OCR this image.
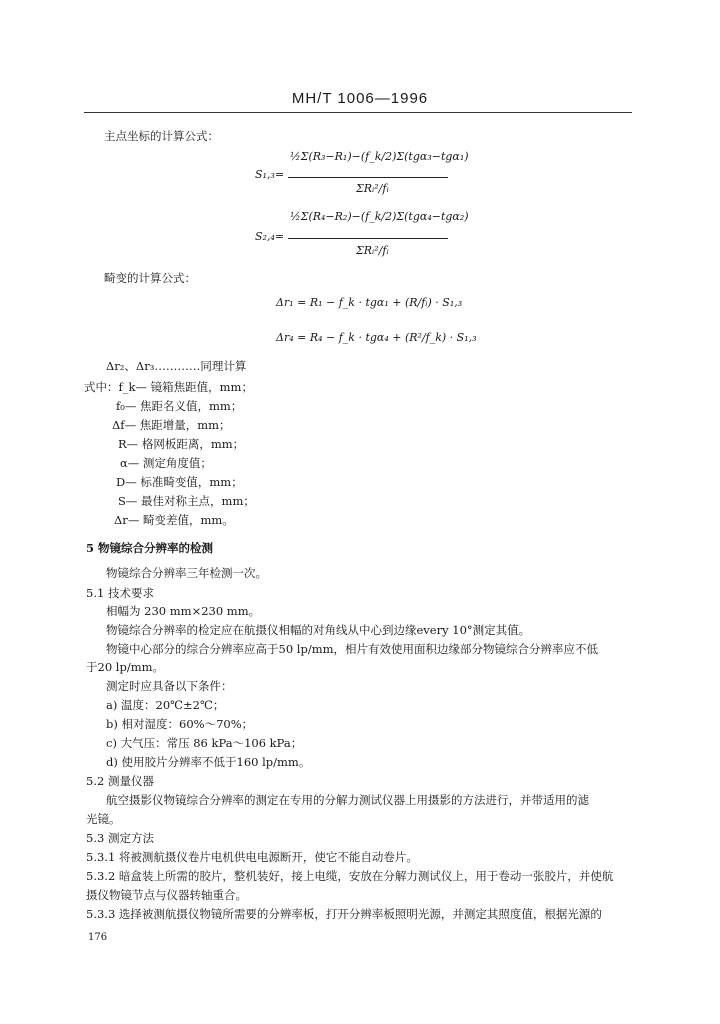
MH/T 1006—1996
主点坐标的计算公式：
S₁,₃=
½Σ(R₃−R₁)−(f_k/2)Σ(tgα₃−tgα₁)
ΣRᵢ²/fᵢ
S₂,₄=
½Σ(R₄−R₂)−(f_k/2)Σ(tgα₄−tgα₂)
ΣRᵢ²/fᵢ
畸变的计算公式：
Δr₁ = R₁ − f_k · tgα₁ + (R/fᵢ) · S₁,₃
Δr₄ = R₄ − f_k · tgα₄ + (R²/f_k) · S₁,₃
Δr₂、Δr₃…………同理计算
式中：f_k— 镜箱焦距值，mm；
f₀— 焦距名义值，mm；
Δf— 焦距增量，mm；
R— 格网板距离，mm；
α— 测定角度值；
D— 标准畸变值，mm；
S— 最佳对称主点，mm；
Δr— 畸变差值，mm。
5 物镜综合分辨率的检测
物镜综合分辨率三年检测一次。
5.1 技术要求
相幅为 230 mm×230 mm。
物镜综合分辨率的检定应在航摄仪相幅的对角线从中心到边缘every 10°测定其值。
物镜中心部分的综合分辨率应高于50 lp/mm，相片有效使用面积边缘部分物镜综合分辨率应不低
于20 lp/mm。
测定时应具备以下条件：
a) 温度：20℃±2℃；
b) 相对湿度：60%～70%；
c) 大气压：常压 86 kPa～106 kPa；
d) 使用胶片分辨率不低于160 lp/mm。
5.2 测量仪器
航空摄影仪物镜综合分辨率的测定在专用的分解力测试仪器上用摄影的方法进行，并带适用的滤
光镜。
5.3 测定方法
5.3.1 将被测航摄仪卷片电机供电电源断开，使它不能自动卷片。
5.3.2 暗盒装上所需的胶片，整机装好，接上电缆，安放在分解力测试仪上，用于卷动一张胶片，并使航
摄仪物镜节点与仪器转轴重合。
5.3.3 选择被测航摄仪物镜所需要的分辨率板，打开分辨率板照明光源，并测定其照度值，根据光源的
176
